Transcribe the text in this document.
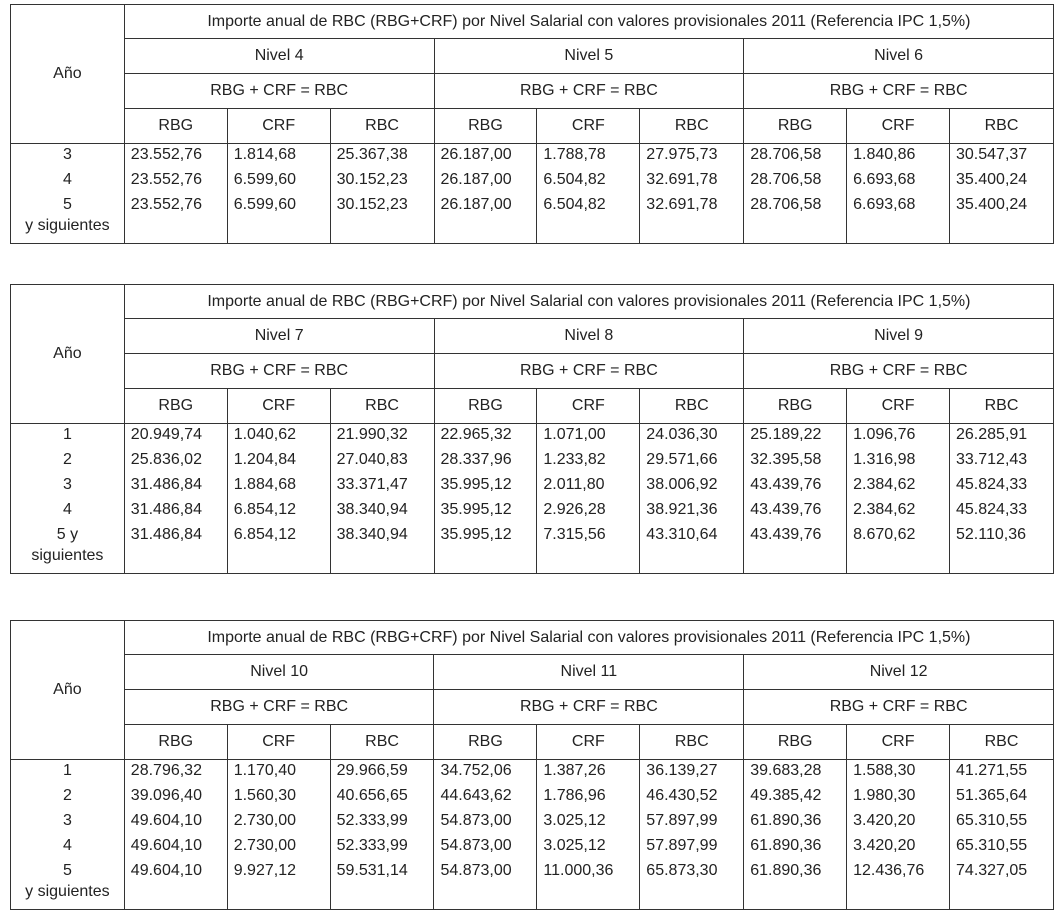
Año	Importe anual de RBC (RBG+CRF) por Nivel Salarial con valores provisionales 2011 (Referencia IPC 1,5%)								
	Nivel 4			Nivel 5			Nivel 6		
	RBG + CRF = RBC			RBG + CRF = RBC			RBG + CRF = RBC		
	RBG	CRF	RBC	RBG	CRF	RBC	RBG	CRF	RBC
3	23.552,76	1.814,68	25.367,38	26.187,00	1.788,78	27.975,73	28.706,58	1.840,86	30.547,37
4	23.552,76	6.599,60	30.152,23	26.187,00	6.504,82	32.691,78	28.706,58	6.693,68	35.400,24
5
y siguientes	23.552,76	6.599,60	30.152,23	26.187,00	6.504,82	32.691,78	28.706,58	6.693,68	35.400,24
Año	Importe anual de RBC (RBG+CRF) por Nivel Salarial con valores provisionales 2011 (Referencia IPC 1,5%)								
	Nivel 7			Nivel 8			Nivel 9		
	RBG + CRF = RBC			RBG + CRF = RBC			RBG + CRF = RBC		
	RBG	CRF	RBC	RBG	CRF	RBC	RBG	CRF	RBC
1	20.949,74	1.040,62	21.990,32	22.965,32	1.071,00	24.036,30	25.189,22	1.096,76	26.285,91
2	25.836,02	1.204,84	27.040,83	28.337,96	1.233,82	29.571,66	32.395,58	1.316,98	33.712,43
3	31.486,84	1.884,68	33.371,47	35.995,12	2.011,80	38.006,92	43.439,76	2.384,62	45.824,33
4	31.486,84	6.854,12	38.340,94	35.995,12	2.926,28	38.921,36	43.439,76	2.384,62	45.824,33
5 y
siguientes	31.486,84	6.854,12	38.340,94	35.995,12	7.315,56	43.310,64	43.439,76	8.670,62	52.110,36
Año	Importe anual de RBC (RBG+CRF) por Nivel Salarial con valores provisionales 2011 (Referencia IPC 1,5%)								
	Nivel 10			Nivel 11			Nivel 12		
	RBG + CRF = RBC			RBG + CRF = RBC			RBG + CRF = RBC		
	RBG	CRF	RBC	RBG	CRF	RBC	RBG	CRF	RBC
1	28.796,32	1.170,40	29.966,59	34.752,06	1.387,26	36.139,27	39.683,28	1.588,30	41.271,55
2	39.096,40	1.560,30	40.656,65	44.643,62	1.786,96	46.430,52	49.385,42	1.980,30	51.365,64
3	49.604,10	2.730,00	52.333,99	54.873,00	3.025,12	57.897,99	61.890,36	3.420,20	65.310,55
4	49.604,10	2.730,00	52.333,99	54.873,00	3.025,12	57.897,99	61.890,36	3.420,20	65.310,55
5
y siguientes	49.604,10	9.927,12	59.531,14	54.873,00	11.000,36	65.873,30	61.890,36	12.436,76	74.327,05
